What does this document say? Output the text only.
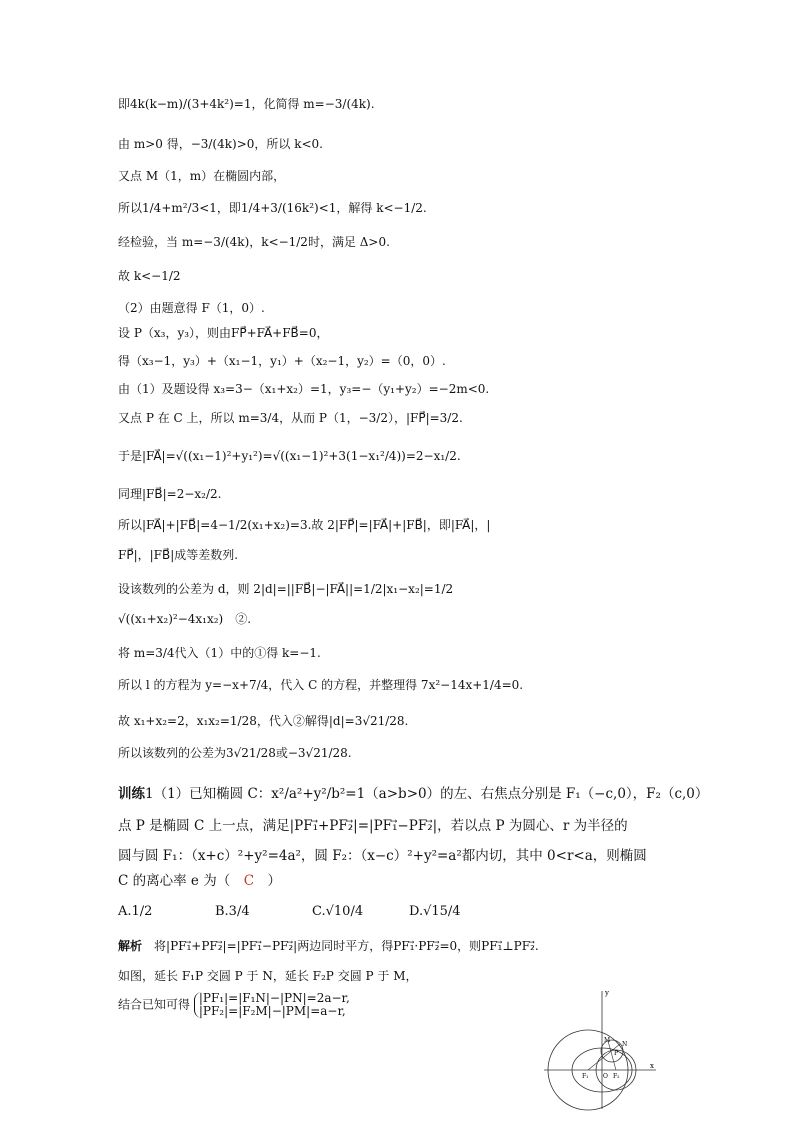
即4k(k−m)/(3+4k²)=1，化简得 m=−3/(4k).
由 m>0 得，−3/(4k)>0，所以 k<0.
又点 M（1，m）在椭圆内部，
所以1/4+m²/3<1，即1/4+3/(16k²)<1，解得 k<−1/2.
经检验，当 m=−3/(4k)，k<−1/2时，满足 Δ>0.
故 k<−1/2
（2）由题意得 F（1，0）.
设 P（x₃，y₃），则由FP⃗+FA⃗+FB⃗=0，
得（x₃−1，y₃）+（x₁−1，y₁）+（x₂−1，y₂）=（0，0）.
由（1）及题设得 x₃=3−（x₁+x₂）=1，y₃=−（y₁+y₂）=−2m<0.
又点 P 在 C 上，所以 m=3/4，从而 P（1，−3/2），|FP⃗|=3/2.
于是|FA⃗|=√((x₁−1)²+y₁²)=√((x₁−1)²+3(1−x₁²/4))=2−x₁/2.
同理|FB⃗|=2−x₂/2.
所以|FA⃗|+|FB⃗|=4−1/2(x₁+x₂)=3.故 2|FP⃗|=|FA⃗|+|FB⃗|，即|FA⃗|，|
FP⃗|，|FB⃗|成等差数列.
设该数列的公差为 d，则 2|d|=||FB⃗|−|FA⃗||=1/2|x₁−x₂|=1/2
√((x₁+x₂)²−4x₁x₂)　②.
将 m=3/4代入（1）中的①得 k=−1.
所以 l 的方程为 y=−x+7/4，代入 C 的方程，并整理得 7x²−14x+1/4=0.
故 x₁+x₂=2，x₁x₂=1/28，代入②解得|d|=3√21/28.
所以该数列的公差为3√21/28或−3√21/28.
训练1（1）已知椭圆 C：x²/a²+y²/b²=1（a>b>0）的左、右焦点分别是 F₁（−c,0），F₂（c,0）
点 P 是椭圆 C 上一点，满足|PF₁⃗+PF₂⃗|=|PF₁⃗−PF₂⃗|，若以点 P 为圆心、r 为半径的
圆与圆 F₁：（x+c）²+y²=4a²，圆 F₂：（x−c）²+y²=a²都内切，其中 0<r<a，则椭圆
C 的离心率 e 为（　C　）
A.1/2	B.3/4	C.√10/4	D.√15/4
解析　 将|PF₁⃗+PF₂⃗|=|PF₁⃗−PF₂⃗|两边同时平方，得PF₁⃗·PF₂⃗=0，则PF₁⃗⊥PF₂⃗.
如图，延长 F₁P 交圆 P 于 N，延长 F₂P 交圆 P 于 M，
结合已知可得 |PF₁|=|F₁N|−|PN|=2a−r,
|PF₂|=|F₂M|−|PM|=a−r,
y
x
O
P
M
N
F₁	F₂
